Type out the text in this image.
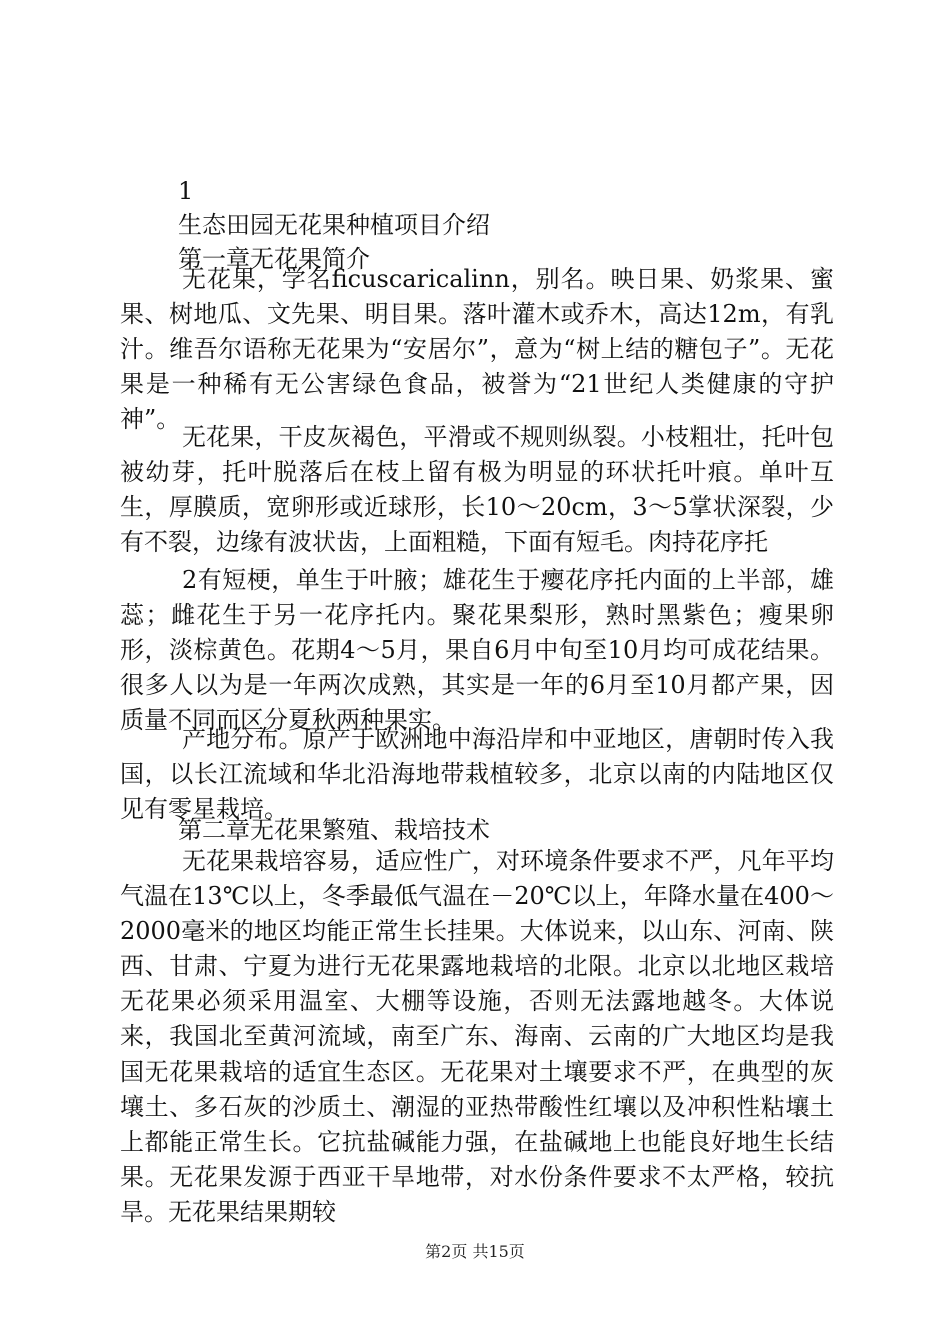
1
生态田园无花果种植项目介绍
第一章无花果简介

无花果，学名ficuscaricalinn，别名。映日果、奶浆果、蜜果、树地瓜、文先果、明目果。落叶灌木或乔木，高达12m，有乳汁。维吾尔语称无花果为“安居尔”，意为“树上结的糖包子”。无花果是一种稀有无公害绿色食品，被誉为“21世纪人类健康的守护神”。

无花果，干皮灰褐色，平滑或不规则纵裂。小枝粗壮，托叶包被幼芽，托叶脱落后在枝上留有极为明显的环状托叶痕。单叶互生，厚膜质，宽卵形或近球形，长10～20cm，3～5掌状深裂，少有不裂，边缘有波状齿，上面粗糙，下面有短毛。肉持花序托

2有短梗，单生于叶腋；雄花生于瘿花序托内面的上半部，雄蕊；雌花生于另一花序托内。聚花果梨形，熟时黑紫色；瘦果卵形，淡棕黄色。花期4～5月，果自6月中旬至10月均可成花结果。很多人以为是一年两次成熟，其实是一年的6月至10月都产果，因质量不同而区分夏秋两种果实。

产地分布。原产于欧洲地中海沿岸和中亚地区，唐朝时传入我国，以长江流域和华北沿海地带栽植较多，北京以南的内陆地区仅见有零星栽培。

第二章无花果繁殖、栽培技术

无花果栽培容易，适应性广，对环境条件要求不严，凡年平均气温在13℃以上，冬季最低气温在－20℃以上，年降水量在400～2000毫米的地区均能正常生长挂果。大体说来，以山东、河南、陕西、甘肃、宁夏为进行无花果露地栽培的北限。北京以北地区栽培无花果必须采用温室、大棚等设施，否则无法露地越冬。大体说来，我国北至黄河流域，南至广东、海南、云南的广大地区均是我国无花果栽培的适宜生态区。无花果对土壤要求不严，在典型的灰壤土、多石灰的沙质土、潮湿的亚热带酸性红壤以及冲积性粘壤土上都能正常生长。它抗盐碱能力强，在盐碱地上也能良好地生长结果。无花果发源于西亚干旱地带，对水份条件要求不太严格，较抗旱。无花果结果期较

第2页 共15页
